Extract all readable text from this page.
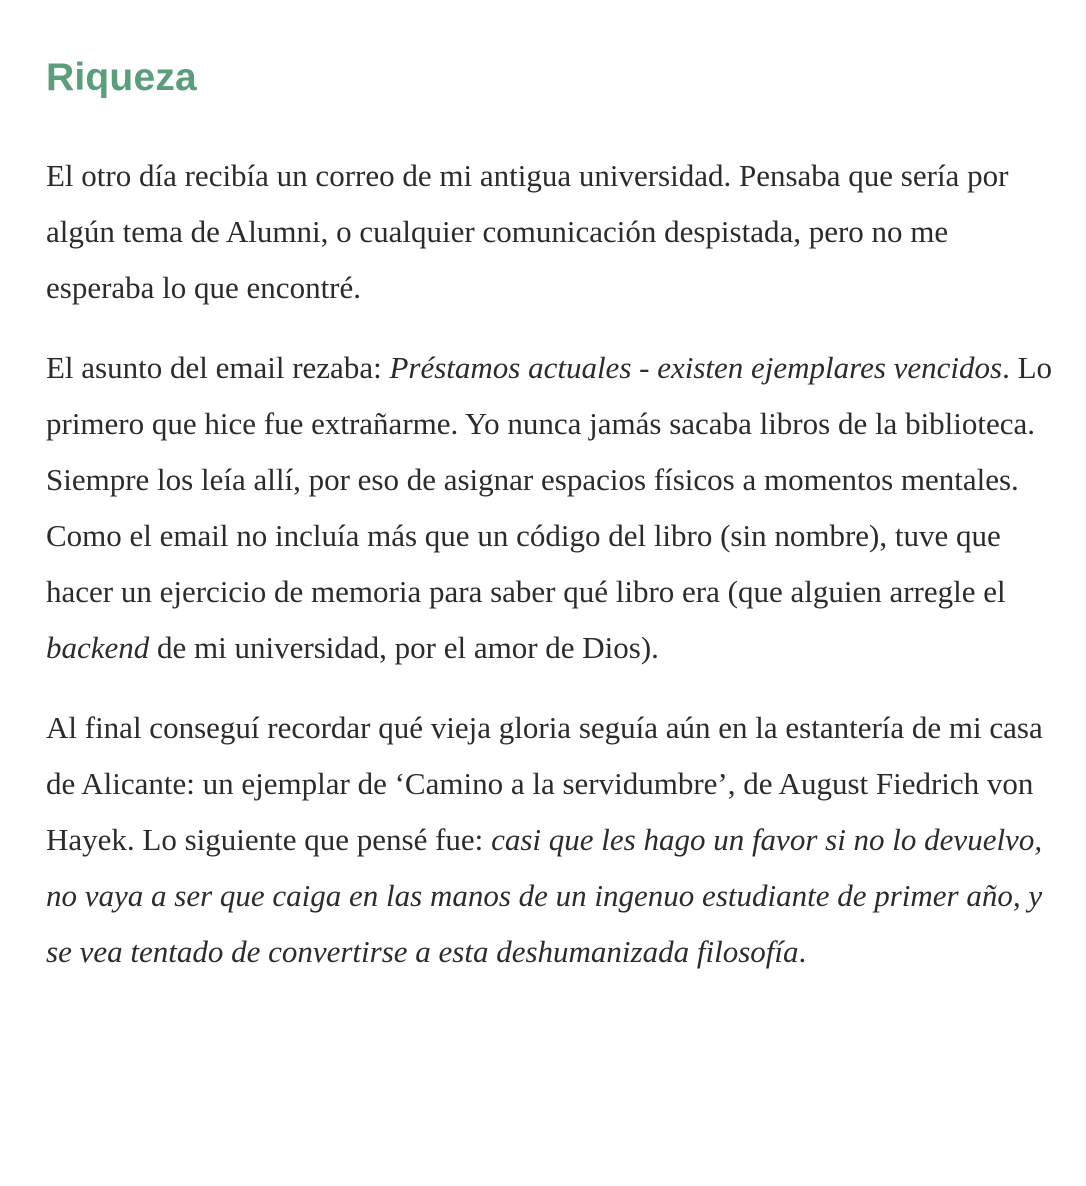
Riqueza

El otro día recibía un correo de mi antigua universidad. Pensaba que sería por algún tema de Alumni, o cualquier comunicación despistada, pero no me esperaba lo que encontré.

El asunto del email rezaba: Préstamos actuales - existen ejemplares vencidos. Lo primero que hice fue extrañarme. Yo nunca jamás sacaba libros de la biblioteca. Siempre los leía allí, por eso de asignar espacios físicos a momentos mentales. Como el email no incluía más que un código del libro (sin nombre), tuve que hacer un ejercicio de memoria para saber qué libro era (que alguien arregle el backend de mi universidad, por el amor de Dios).

Al final conseguí recordar qué vieja gloria seguía aún en la estantería de mi casa de Alicante: un ejemplar de ‘Camino a la servidumbre’, de August Fiedrich von Hayek. Lo siguiente que pensé fue: casi que les hago un favor si no lo devuelvo, no vaya a ser que caiga en las manos de un ingenuo estudiante de primer año, y se vea tentado de convertirse a esta deshumanizada filosofía.
